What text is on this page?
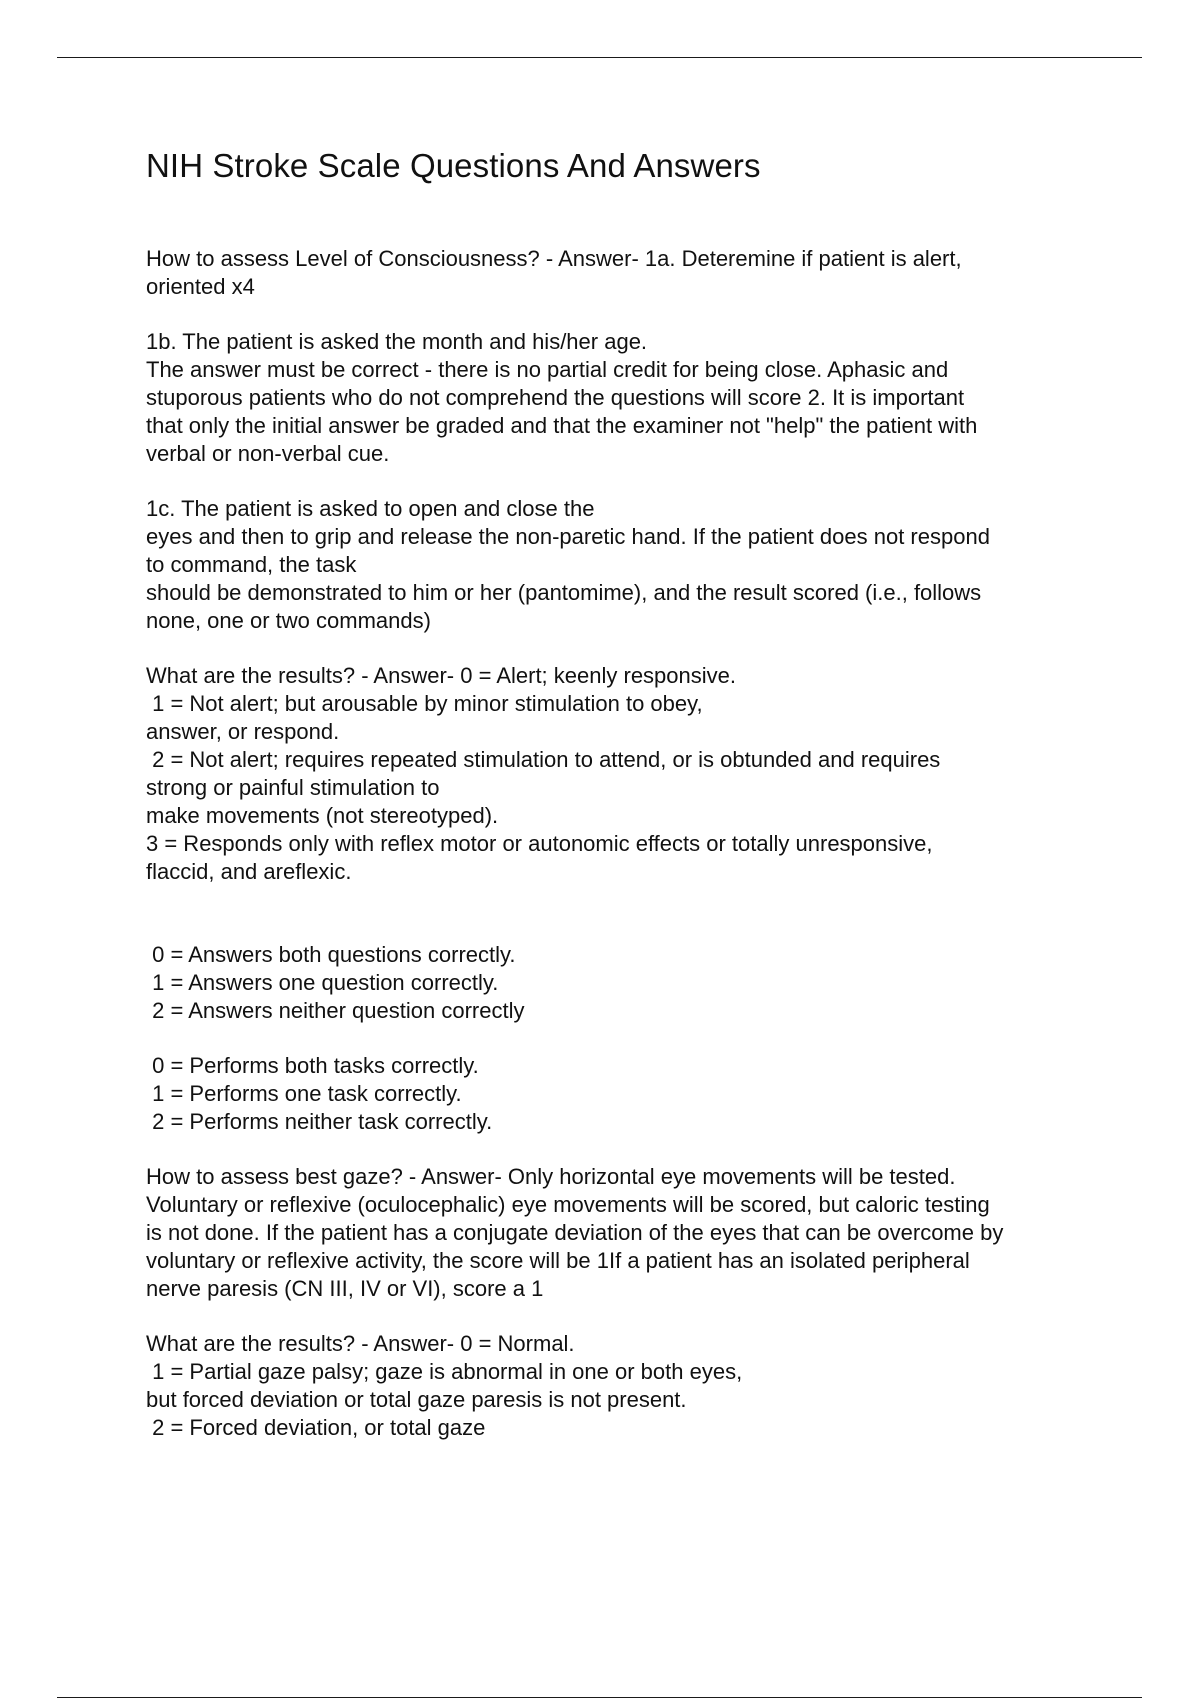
NIH Stroke Scale Questions And Answers

How to assess Level of Consciousness? - Answer- 1a. Deteremine if patient is alert,
oriented x4

1b. The patient is asked the month and his/her age.
The answer must be correct - there is no partial credit for being close. Aphasic and
stuporous patients who do not comprehend the questions will score 2. It is important
that only the initial answer be graded and that the examiner not "help" the patient with
verbal or non-verbal cue.

1c. The patient is asked to open and close the
eyes and then to grip and release the non-paretic hand. If the patient does not respond
to command, the task
should be demonstrated to him or her (pantomime), and the result scored (i.e., follows
none, one or two commands)

What are the results? - Answer- 0 = Alert; keenly responsive.
1 = Not alert; but arousable by minor stimulation to obey,
answer, or respond.
2 = Not alert; requires repeated stimulation to attend, or is obtunded and requires
strong or painful stimulation to
make movements (not stereotyped).
3 = Responds only with reflex motor or autonomic effects or totally unresponsive,
flaccid, and areflexic.

0 = Answers both questions correctly.
1 = Answers one question correctly.
2 = Answers neither question correctly

0 = Performs both tasks correctly.
1 = Performs one task correctly.
2 = Performs neither task correctly.

How to assess best gaze? - Answer- Only horizontal eye movements will be tested.
Voluntary or reflexive (oculocephalic) eye movements will be scored, but caloric testing
is not done. If the patient has a conjugate deviation of the eyes that can be overcome by
voluntary or reflexive activity, the score will be 1If a patient has an isolated peripheral
nerve paresis (CN III, IV or VI), score a 1

What are the results? - Answer- 0 = Normal.
1 = Partial gaze palsy; gaze is abnormal in one or both eyes,
but forced deviation or total gaze paresis is not present.
2 = Forced deviation, or total gaze
